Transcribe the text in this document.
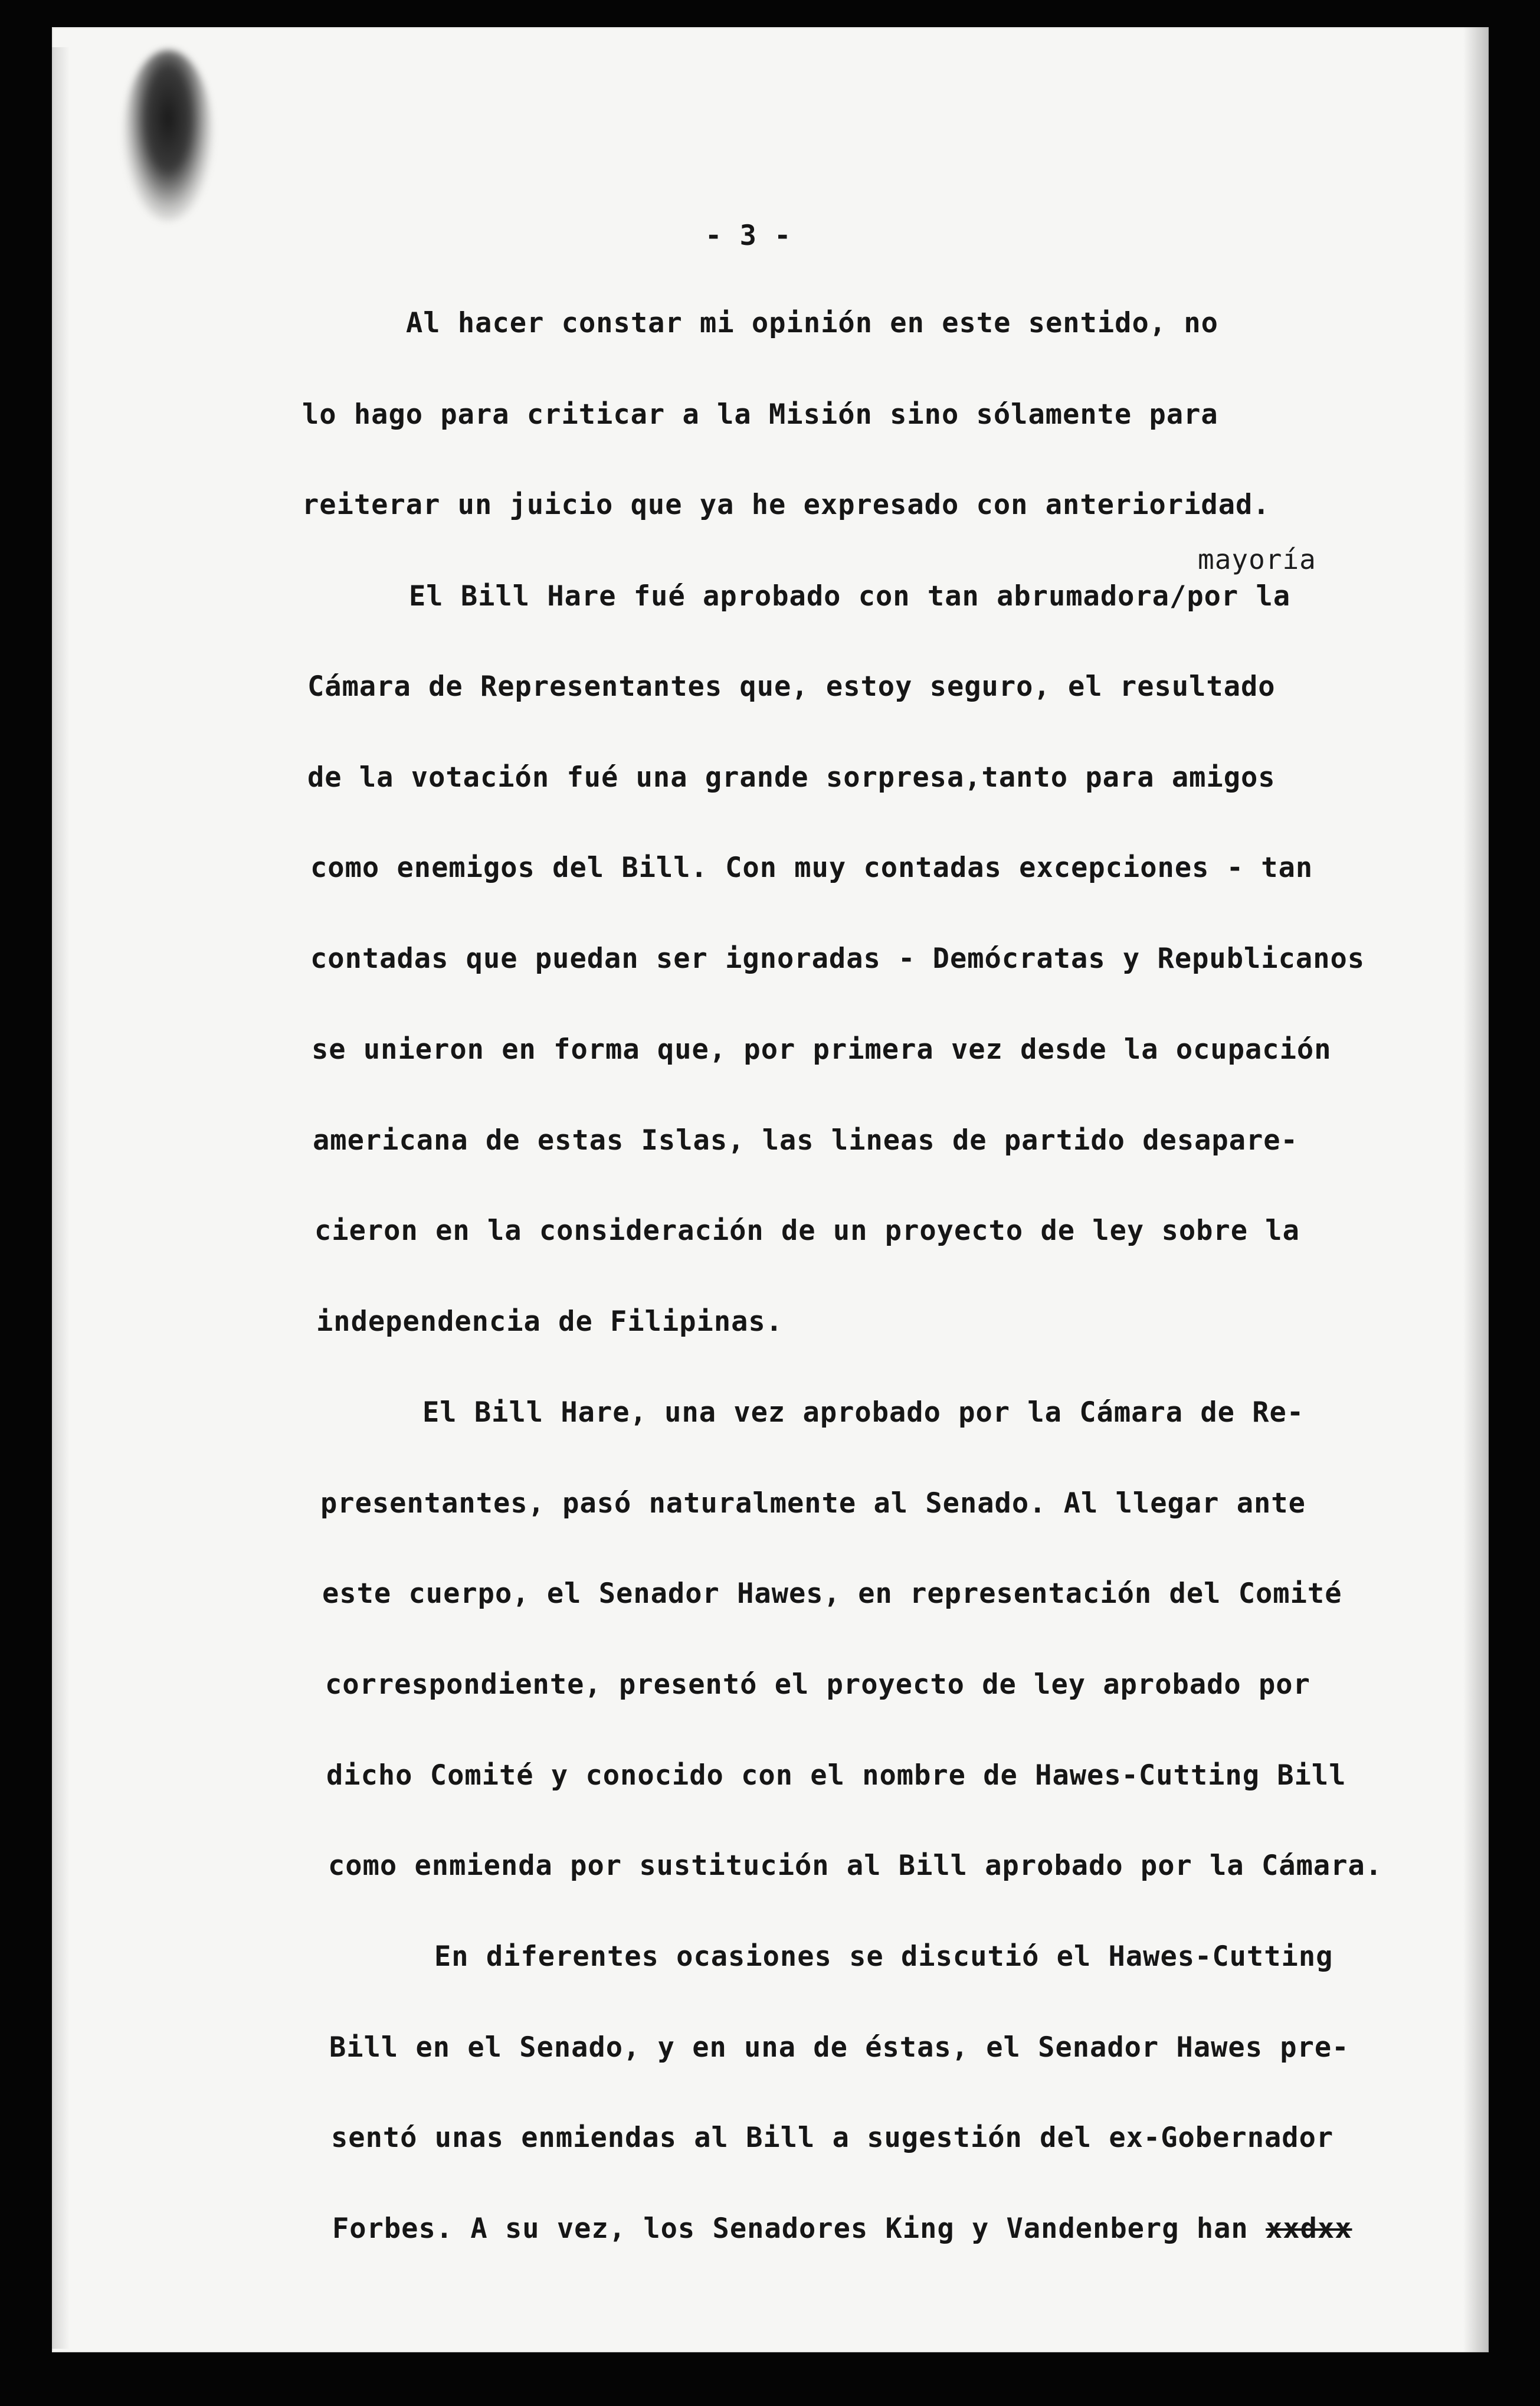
- 3 -
mayoría
Al hacer constar mi opinión en este sentido, no
lo hago para criticar a la Misión sino sólamente para
reiterar un juicio que ya he expresado con anterioridad.
El Bill Hare fué aprobado con tan abrumadora/por la
Cámara de Representantes que, estoy seguro, el resultado
de la votación fué una grande sorpresa,tanto para amigos
como enemigos del Bill. Con muy contadas excepciones - tan
contadas que puedan ser ignoradas - Demócratas y Republicanos
se unieron en forma que, por primera vez desde la ocupación
americana de estas Islas, las lineas de partido desapare-
cieron en la consideración de un proyecto de ley sobre la
independencia de Filipinas.
El Bill Hare, una vez aprobado por la Cámara de Re-
presentantes, pasó naturalmente al Senado. Al llegar ante
este cuerpo, el Senador Hawes, en representación del Comité
correspondiente, presentó el proyecto de ley aprobado por
dicho Comité y conocido con el nombre de Hawes-Cutting Bill
como enmienda por sustitución al Bill aprobado por la Cámara.
En diferentes ocasiones se discutió el Hawes-Cutting
Bill en el Senado, y en una de éstas, el Senador Hawes pre-
sentó unas enmiendas al Bill a sugestión del ex-Gobernador
Forbes. A su vez, los Senadores King y Vandenberg han xxdxx
